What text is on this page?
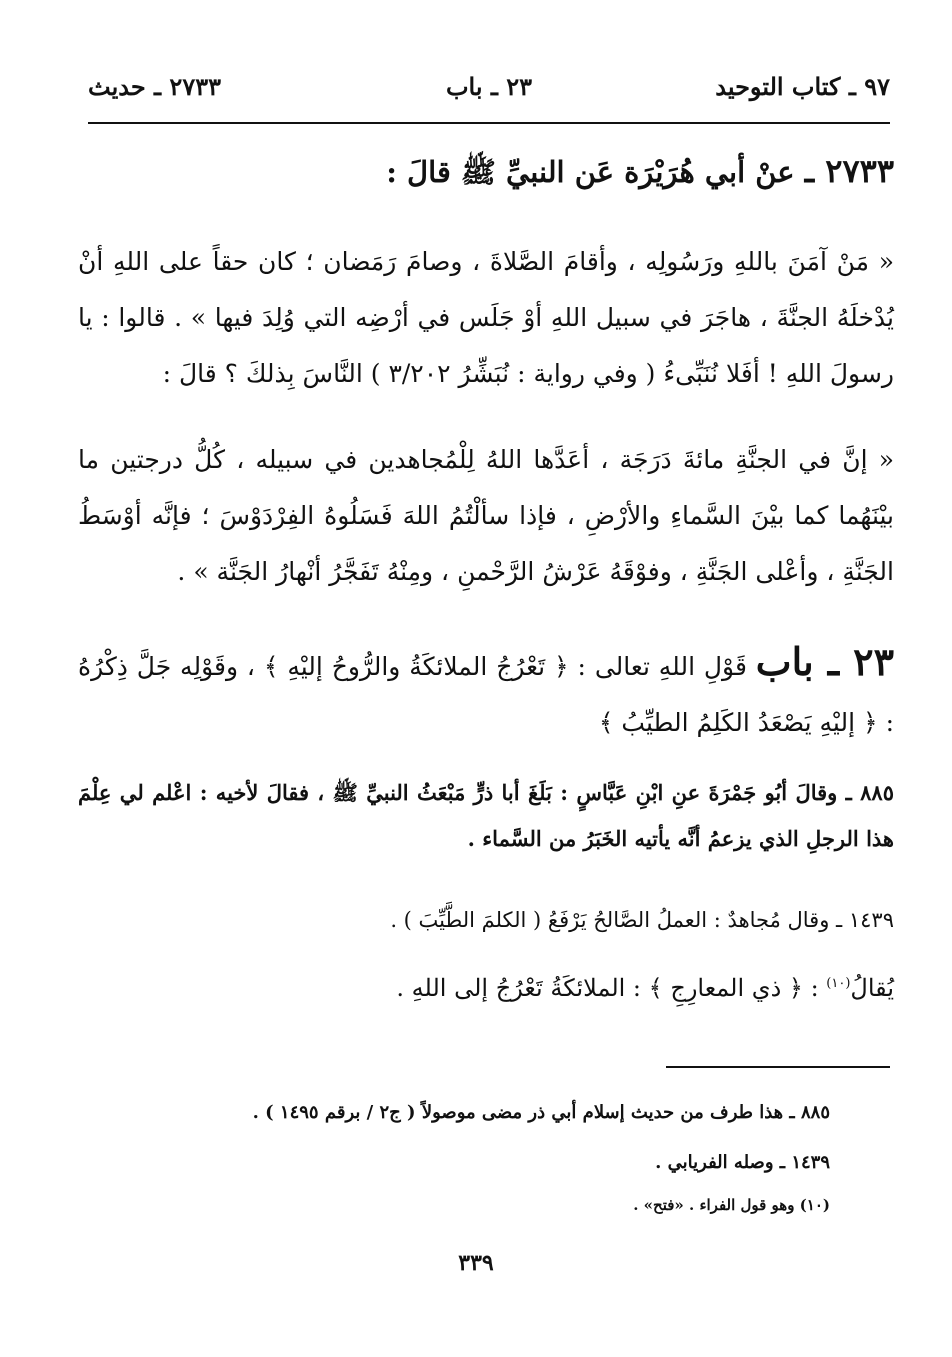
٩٧ ـ كتاب التوحيد
٢٣ ـ باب
٢٧٣٣ ـ حديث
٢٧٣٣ ـ عنْ أبي هُرَيْرَة عَن النبيِّ ﷺ قالَ :

« مَنْ آمَنَ باللهِ ورَسُولِه ، وأقامَ الصَّلاةَ ، وصامَ رَمَضان ؛ كان حقاً على اللهِ أنْ يُدْخلَهُ الجنَّةَ ، هاجَرَ في سبيل اللهِ أوْ جَلَس في أرْضِه التي وُلِدَ فيها » . قالوا : يا رسولَ اللهِ ! أفَلا نُنَبِّىءُ ( وفي رواية : نُبَشِّرُ ٣/٢٠٢ ) النَّاسَ بِذلكَ ؟ قالَ :

« إنَّ في الجنَّةِ مائةَ دَرَجَة ، أعَدَّها اللهُ لِلْمُجاهدين في سبيله ، كُلُّ درجتين ما بيْنَهُما كما بيْنَ السَّماءِ والأرْضِ ، فإذا سألْتُمُ اللهَ فَسَلُوهُ الفِرْدَوْسَ ؛ فإنَّه أوْسَطُ الجَنَّةِ ، وأعْلى الجَنَّةِ ، وفوْقَهُ عَرْشُ الرَّحْمنِ ، ومِنْهُ تَفَجَّرُ أنْهارُ الجَنَّة » .

٢٣ ـ باب قَوْلِ اللهِ تعالى : ﴿ تَعْرُجُ الملائكَةُ والرُّوحُ إليْهِ ﴾ ، وقَوْلِه جَلَّ ذِكْرُهُ : ﴿ إليْهِ يَصْعَدُ الكَلِمُ الطيِّبُ ﴾

٨٨٥ ـ وقالَ أبُو جَمْرَةَ عنِ ابْنِ عَبَّاسٍ : بَلَغَ أبا ذرٍّ مَبْعَثُ النبيِّ ﷺ ، فقالَ لأخيه : اعْلم لي عِلْمَ هذا الرجلِ الذي يزعمُ أنَّه يأتيه الخَبَرُ من السَّماء .

١٤٣٩ ـ وقال مُجاهدٌ : العملُ الصَّالحُ يَرْفَعُ ( الكلمَ الطَّيِّبَ ) .

يُقالُ$^{(١٠)}$ : ﴿ ذي المعارِجِ ﴾ : الملائكَةُ تَعْرُجُ إلى اللهِ .
٨٨٥ ـ هذا طرف من حديث إسلام أبي ذر مضى موصولاً ( ج٢ / برقم ١٤٩٥ ) .
١٤٣٩ ـ وصله الفريابي .
(١٠) وهو قول الفراء . «فتح» .
٣٣٩
